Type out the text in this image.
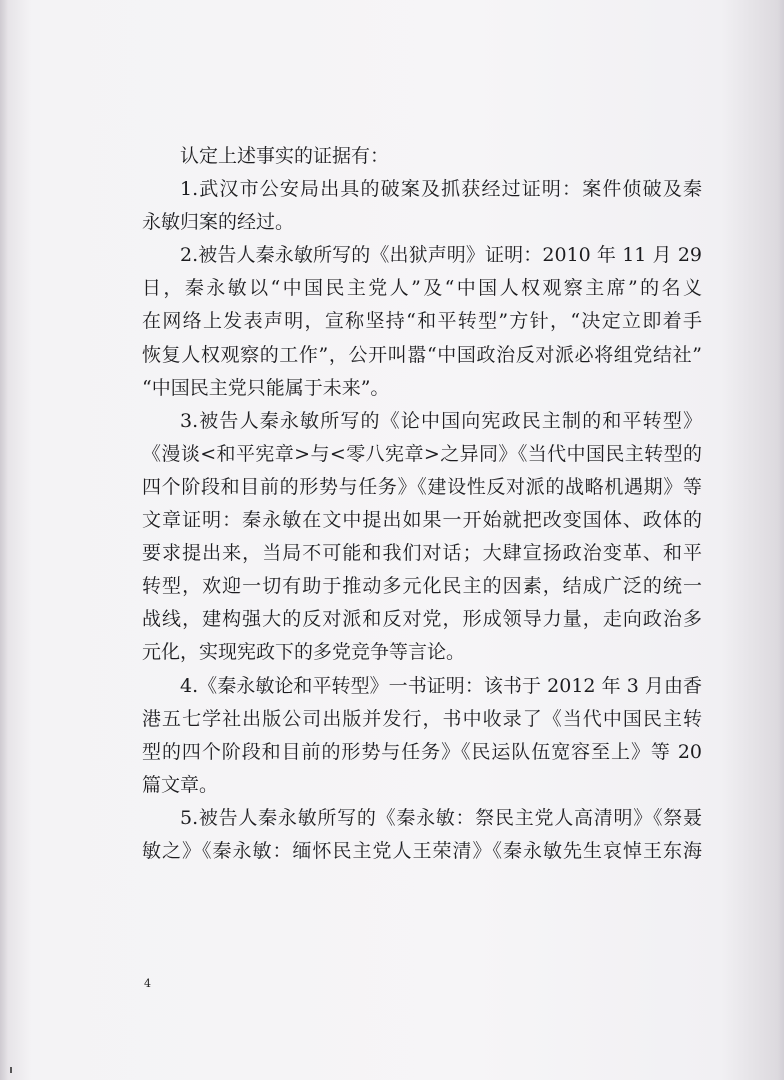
认定上述事实的证据有：
1.武汉市公安局出具的破案及抓获经过证明：案件侦破及秦
永敏归案的经过。
2.被告人秦永敏所写的《出狱声明》证明：2010 年 11 月 29
日，秦永敏以“中国民主党人”及“中国人权观察主席”的名义
在网络上发表声明，宣称坚持“和平转型”方针，“决定立即着手
恢复人权观察的工作”，公开叫嚣“中国政治反对派必将组党结社”
“中国民主党只能属于未来”。
3.被告人秦永敏所写的《论中国向宪政民主制的和平转型》
《漫谈<和平宪章>与<零八宪章>之异同》《当代中国民主转型的
四个阶段和目前的形势与任务》《建设性反对派的战略机遇期》等
文章证明：秦永敏在文中提出如果一开始就把改变国体、政体的
要求提出来，当局不可能和我们对话；大肆宣扬政治变革、和平
转型，欢迎一切有助于推动多元化民主的因素，结成广泛的统一
战线，建构强大的反对派和反对党，形成领导力量，走向政治多
元化，实现宪政下的多党竞争等言论。
4.《秦永敏论和平转型》一书证明：该书于 2012 年 3 月由香
港五七学社出版公司出版并发行，书中收录了《当代中国民主转
型的四个阶段和目前的形势与任务》《民运队伍宽容至上》等 20
篇文章。
5.被告人秦永敏所写的《秦永敏：祭民主党人高清明》《祭聂
敏之》《秦永敏：缅怀民主党人王荣清》《秦永敏先生哀悼王东海
4
